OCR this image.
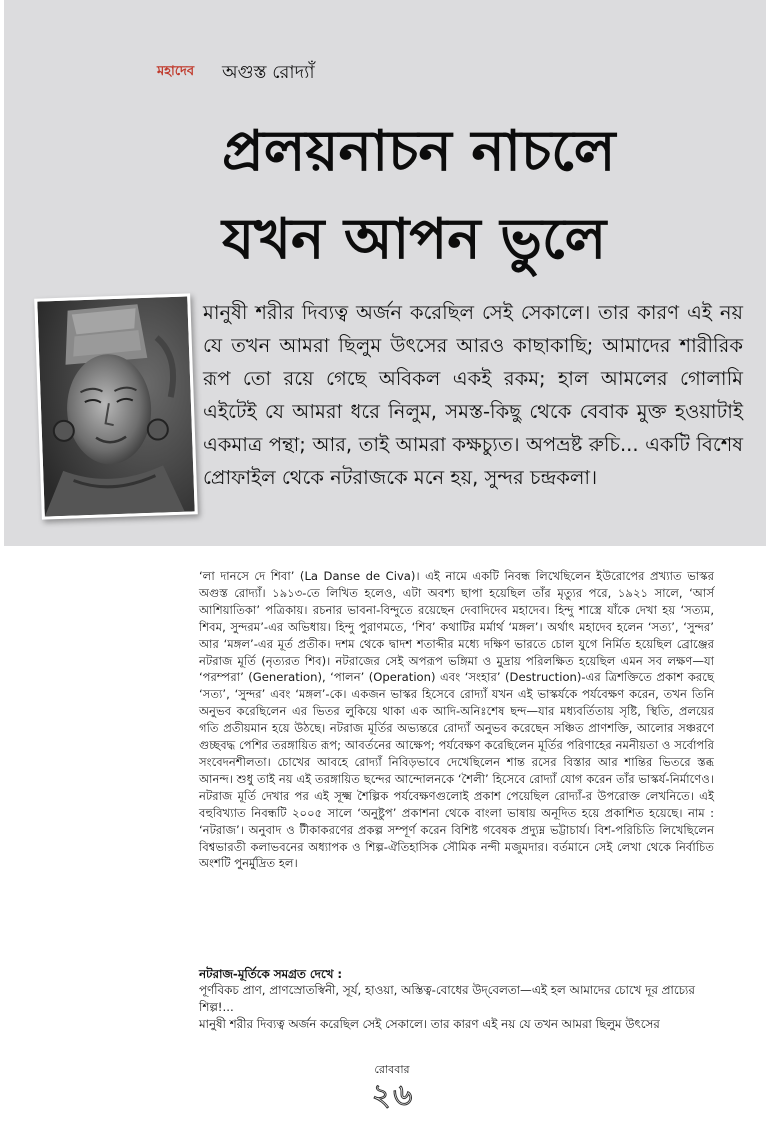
মহাদেব অগুস্ত রোদ্যাঁ
প্রলয়নাচন নাচলে
যখন আপন ভুলে

মানুষী শরীর দিব্যত্ব অর্জন করেছিল সেই সেকালে। তার কারণ এই নয় যে তখন আমরা ছিলুম উৎসের আরও কাছাকাছি; আমাদের শারীরিক রূপ তো রয়ে গেছে অবিকল একই রকম; হাল আমলের গোলামি এইটেই যে আমরা ধরে নিলুম, সমস্ত-কিছু থেকে বেবাক মুক্ত হওয়াটাই একমাত্র পন্থা; আর, তাই আমরা কক্ষচ্যুত। অপভ্রষ্ট রুচি... একটি বিশেষ প্রোফাইল থেকে নটরাজকে মনে হয়, সুন্দর চন্দ্রকলা।

‘লা দানসে দে শিবা’ (La Danse de Civa)। এই নামে একটি নিবন্ধ লিখেছিলেন ইউরোপের প্রখ্যাত ভাস্কর অগুস্ত রোদ্যাঁ। ১৯১৩-তে লিখিত হলেও, এটা অবশ্য ছাপা হয়েছিল তাঁর মৃত্যুর পরে, ১৯২১ সালে, ‘আর্স আশিয়াতিকা’ পত্রিকায়। রচনার ভাবনা-বিন্দুতে রয়েছেন দেবাদিদেব মহাদেব। হিন্দু শাস্ত্রে যাঁকে দেখা হয় ‘সত্যম, শিবম, সুন্দরম’-এর অভিধায়। হিন্দু পুরাণমতে, ‘শিব’ কথাটির মর্মার্থ ‘মঙ্গল’। অর্থাৎ মহাদেব হলেন ‘সত্য’, ‘সুন্দর’ আর ‘মঙ্গল’-এর মূর্ত প্রতীক। দশম থেকে দ্বাদশ শতাব্দীর মধ্যে দক্ষিণ ভারতে চোল যুগে নির্মিত হয়েছিল ব্রোঞ্জের নটরাজ মূর্তি (নৃত্যরত শিব)। নটরাজের সেই অপরূপ ভঙ্গিমা ও মুদ্রায় পরিলক্ষিত হয়েছিল এমন সব লক্ষণ—যা ‘পরম্পরা’ (Generation), ‘পালন’ (Operation) এবং ‘সংহার’ (Destruction)-এর ত্রিশক্তিতে প্রকাশ করছে ‘সত্য’, ‘সুন্দর’ এবং ‘মঙ্গল’-কে। একজন ভাস্কর হিসেবে রোদ্যাঁ যখন এই ভাস্কর্যকে পর্যবেক্ষণ করেন, তখন তিনি অনুভব করেছিলেন এর ভিতর লুকিয়ে থাকা এক আদি-অনিঃশেষ ছন্দ—যার মধ্যবর্তিতায় সৃষ্টি, স্থিতি, প্রলয়ের গতি প্রতীয়মান হয়ে উঠছে। নটরাজ মূর্তির অভ্যন্তরে রোদ্যাঁ অনুভব করেছেন সঞ্চিত প্রাণশক্তি, আলোর সঞ্চরণে গুচ্ছবদ্ধ পেশির তরঙ্গায়িত রূপ; আবর্তনের আক্ষেপ; পর্যবেক্ষণ করেছিলেন মূর্তির পরিণাহের নমনীয়তা ও সর্বোপরি সংবেদনশীলতা। চোখের আবহে রোদ্যাঁ নিবিড়ভাবে দেখেছিলেন শান্ত রসের বিস্তার আর শান্তির ভিতরে স্তব্ধ আনন্দ। শুধু তাই নয় এই তরঙ্গায়িত ছন্দের আন্দোলনকে ‘শৈলী’ হিসেবে রোদ্যাঁ যোগ করেন তাঁর ভাস্কর্য-নির্মাণেও। নটরাজ মূর্তি দেখার পর এই সূক্ষ্ম শৈল্পিক পর্যবেক্ষণগুলোই প্রকাশ পেয়েছিল রোদ্যাঁ-র উপরোক্ত লেখনিতে। এই বহুবিখ্যাত নিবন্ধটি ২০০৫ সালে ‘অনুষ্টুপ’ প্রকাশনা থেকে বাংলা ভাষায় অনূদিত হয়ে প্রকাশিত হয়েছে। নাম : ‘নটরাজ’। অনুবাদ ও টীকাকরণের প্রকল্প সম্পূর্ণ করেন বিশিষ্ট গবেষক প্রদ্যুম্ন ভট্টাচার্য। বিশ-পরিচিতি লিখেছিলেন বিশ্বভারতী কলাভবনের অধ্যাপক ও শিল্প-ঐতিহাসিক সৌমিক নন্দী মজুমদার। বর্তমানে সেই লেখা থেকে নির্বাচিত অংশটি পুনর্মুদ্রিত হল।

নটরাজ-মূর্তিকে সমগ্রত দেখে :

পূর্ণবিকচ প্রাণ, প্রাণস্রোতস্বিনী, সূর্য, হাওয়া, অস্তিত্ব-বোধের উদ্‌বেলতা—এই হল আমাদের চোখে দূর প্রাচ্যের শিল্প!...

মানুষী শরীর দিব্যত্ব অর্জন করেছিল সেই সেকালে। তার কারণ এই নয় যে তখন আমরা ছিলুম উৎসের

রোববার
২৬
